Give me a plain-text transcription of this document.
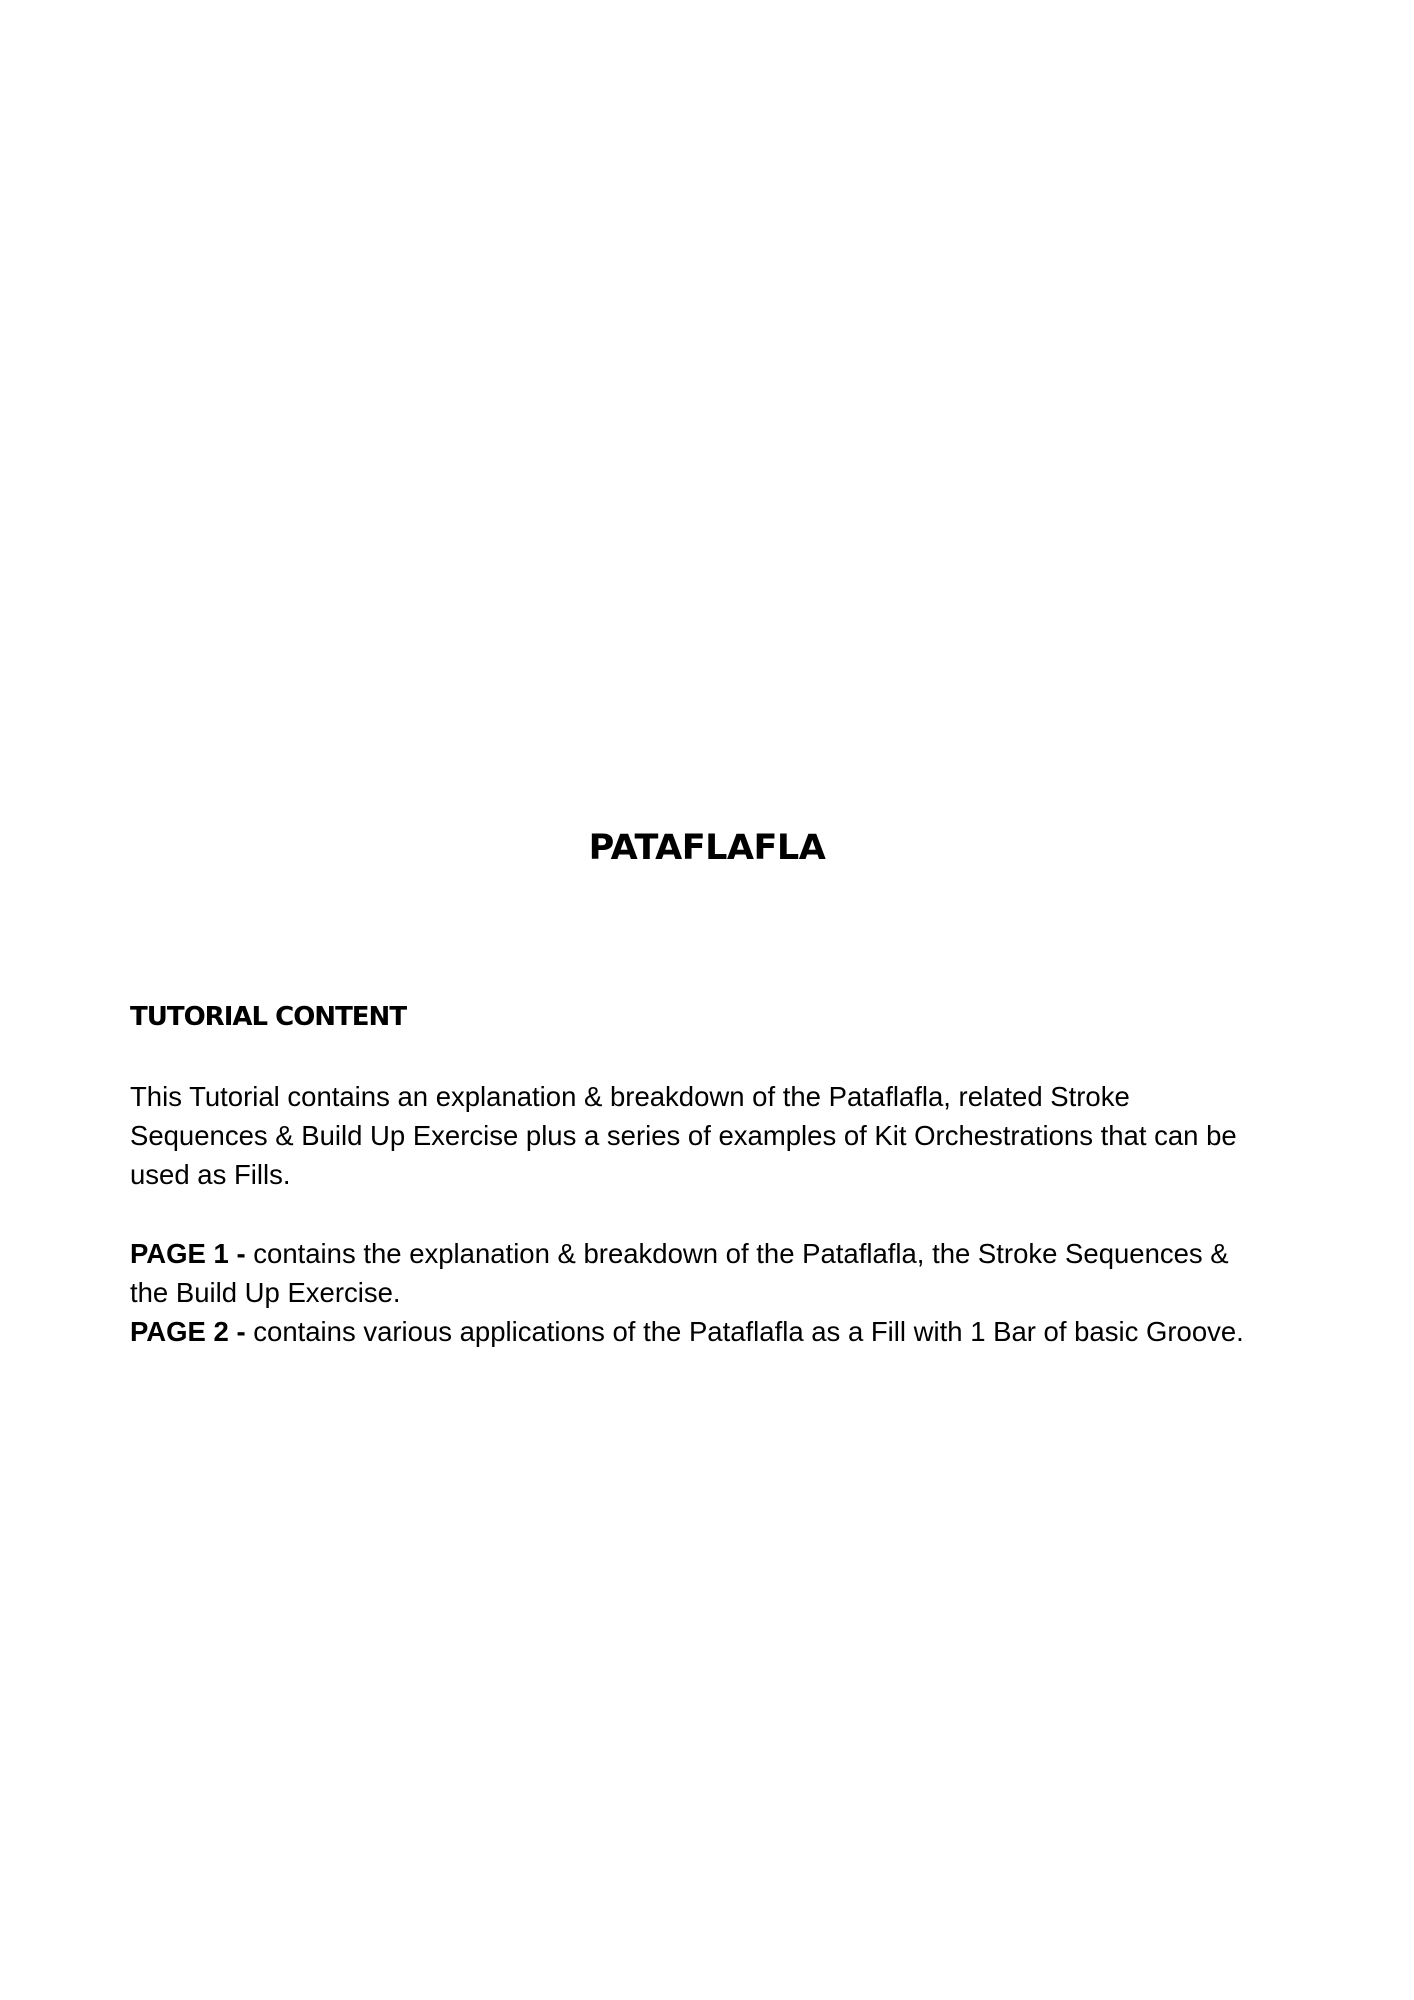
PATAFLAFLA
TUTORIAL CONTENT

This Tutorial contains an explanation & breakdown of the Pataflafla, related Stroke Sequences & Build Up Exercise plus a series of examples of Kit Orchestrations that can be used as Fills.

PAGE 1 - contains the explanation & breakdown of the Pataflafla, the Stroke Sequences & the Build Up Exercise.
PAGE 2 - contains various applications of the Pataflafla as a Fill with 1 Bar of basic Groove.
